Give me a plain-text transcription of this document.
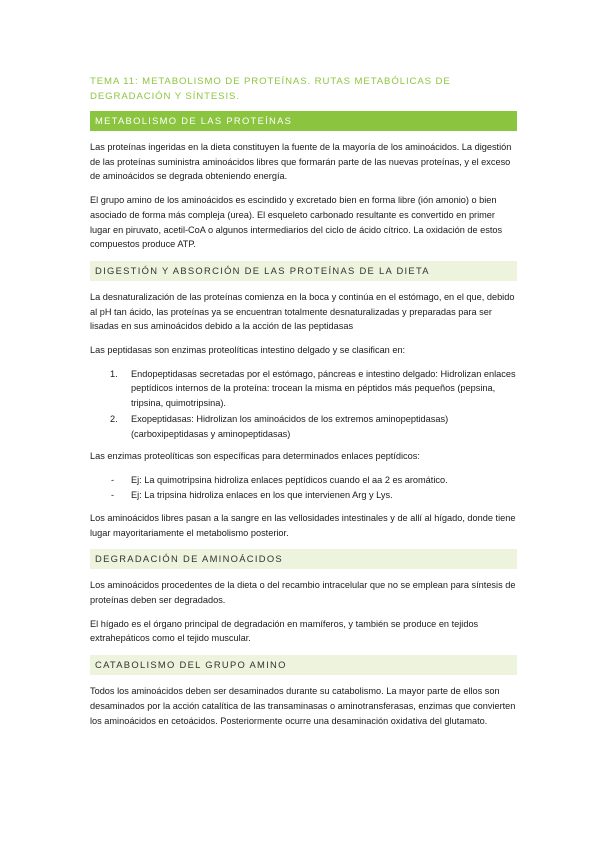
TEMA 11: METABOLISMO DE PROTEÍNAS. RUTAS METABÓLICAS DE DEGRADACIÓN Y SÍNTESIS.
METABOLISMO DE LAS PROTEÍNAS

Las proteínas ingeridas en la dieta constituyen la fuente de la mayoría de los aminoácidos. La digestión de las proteínas suministra aminoácidos libres que formarán parte de las nuevas proteínas, y el exceso de aminoácidos se degrada obteniendo energía.

El grupo amino de los aminoácidos es escindido y excretado bien en forma libre (ión amonio) o bien asociado de forma más compleja (urea). El esqueleto carbonado resultante es convertido en primer lugar en piruvato, acetil-CoA o algunos intermediarios del ciclo de ácido cítrico. La oxidación de estos compuestos produce ATP.

DIGESTIÓN Y ABSORCIÓN DE LAS PROTEÍNAS DE LA DIETA

La desnaturalización de las proteínas comienza en la boca y continúa en el estómago, en el que, debido al pH tan ácido, las proteínas ya se encuentran totalmente desnaturalizadas y preparadas para ser lisadas en sus aminoácidos debido a la acción de las peptidasas

Las peptidasas son enzimas proteolíticas intestino delgado y se clasifican en:

1. Endopeptidasas secretadas por el estómago, páncreas e intestino delgado: Hidrolizan enlaces peptídicos internos de la proteína: trocean la misma en péptidos más pequeños (pepsina, tripsina, quimotripsina).
2. Exopeptidasas: Hidrolizan los aminoácidos de los extremos aminopeptidasas) (carboxipeptidasas y aminopeptidasas)

Las enzimas proteolíticas son específicas para determinados enlaces peptídicos:

- Ej: La quimotripsina hidroliza enlaces peptídicos cuando el aa 2 es aromático.
- Ej: La tripsina hidroliza enlaces en los que intervienen Arg y Lys.

Los aminoácidos libres pasan a la sangre en las vellosidades intestinales y de allí al hígado, donde tiene lugar mayoritariamente el metabolismo posterior.

DEGRADACIÓN DE AMINOÁCIDOS

Los aminoácidos procedentes de la dieta o del recambio intracelular que no se emplean para síntesis de proteínas deben ser degradados.

El hígado es el órgano principal de degradación en mamíferos, y también se produce en tejidos extrahepáticos como el tejido muscular.

CATABOLISMO DEL GRUPO AMINO

Todos los aminoácidos deben ser desaminados durante su catabolismo. La mayor parte de ellos son desaminados por la acción catalítica de las transaminasas o aminotransferasas, enzimas que convierten los aminoácidos en cetoácidos. Posteriormente ocurre una desaminación oxidativa del glutamato.
